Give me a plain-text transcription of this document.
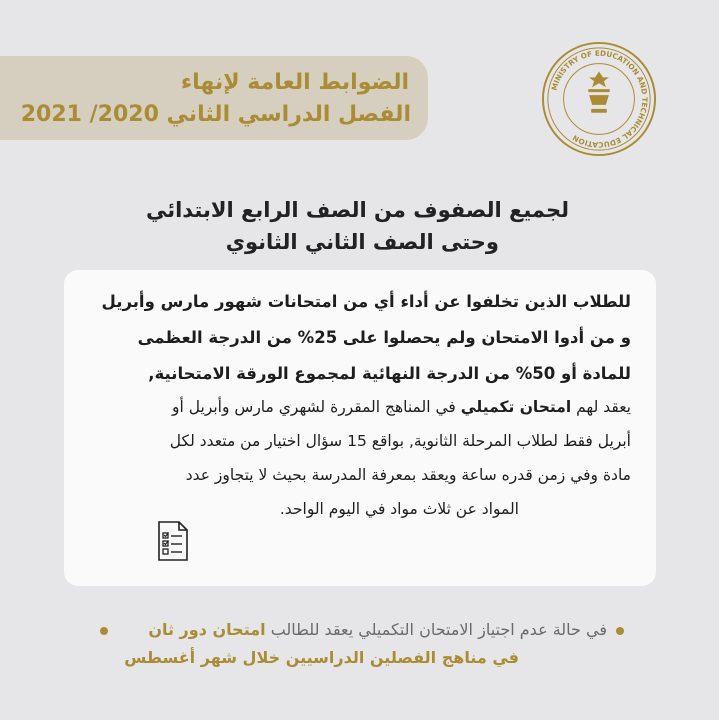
الضوابط العامة لإنهاء
الفصل الدراسي الثاني 2020/ 2021
MINISTRY OF EDUCATION AND TECHNICAL EDUCATION
لجميع الصفوف من الصف الرابع الابتدائي
وحتى الصف الثاني الثانوي
للطلاب الذين تخلفوا عن أداء أي من امتحانات شهور مارس وأبريل
و من أدوا الامتحان ولم يحصلوا على 25% من الدرجة العظمى
للمادة أو 50% من الدرجة النهائية لمجموع الورقة الامتحانية,
يعقد لهم امتحان تكميلي في المناهج المقررة لشهري مارس وأبريل أو
أبريل فقط لطلاب المرحلة الثانوية, بواقع 15 سؤال اختيار من متعدد لكل
مادة وفي زمن قدره ساعة ويعقد بمعرفة المدرسة بحيث لا يتجاوز عدد
المواد عن ثلاث مواد في اليوم الواحد.
في حالة عدم اجتياز الامتحان التكميلي يعقد للطالب امتحان دور ثان
في مناهج الفصلين الدراسيين خلال شهر أغسطس
